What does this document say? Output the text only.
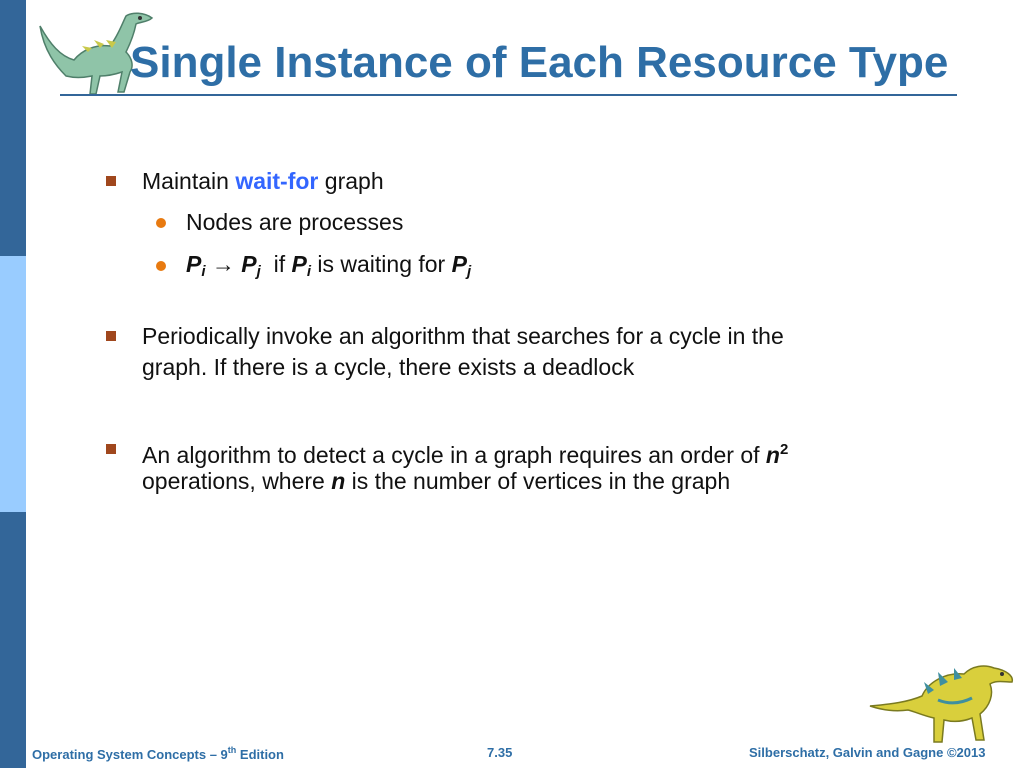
Single Instance of Each Resource Type
Maintain wait-for graph
Nodes are processes
$P_i \to P_j$ if $P_i$ is waiting for $P_j$
Periodically invoke an algorithm that searches for a cycle in the
graph. If there is a cycle, there exists a deadlock
An algorithm to detect a cycle in a graph requires an order of $n^2$
operations, where n is the number of vertices in the graph
Operating System Concepts – 9th Edition	7.35	Silberschatz, Galvin and Gagne ©2013
